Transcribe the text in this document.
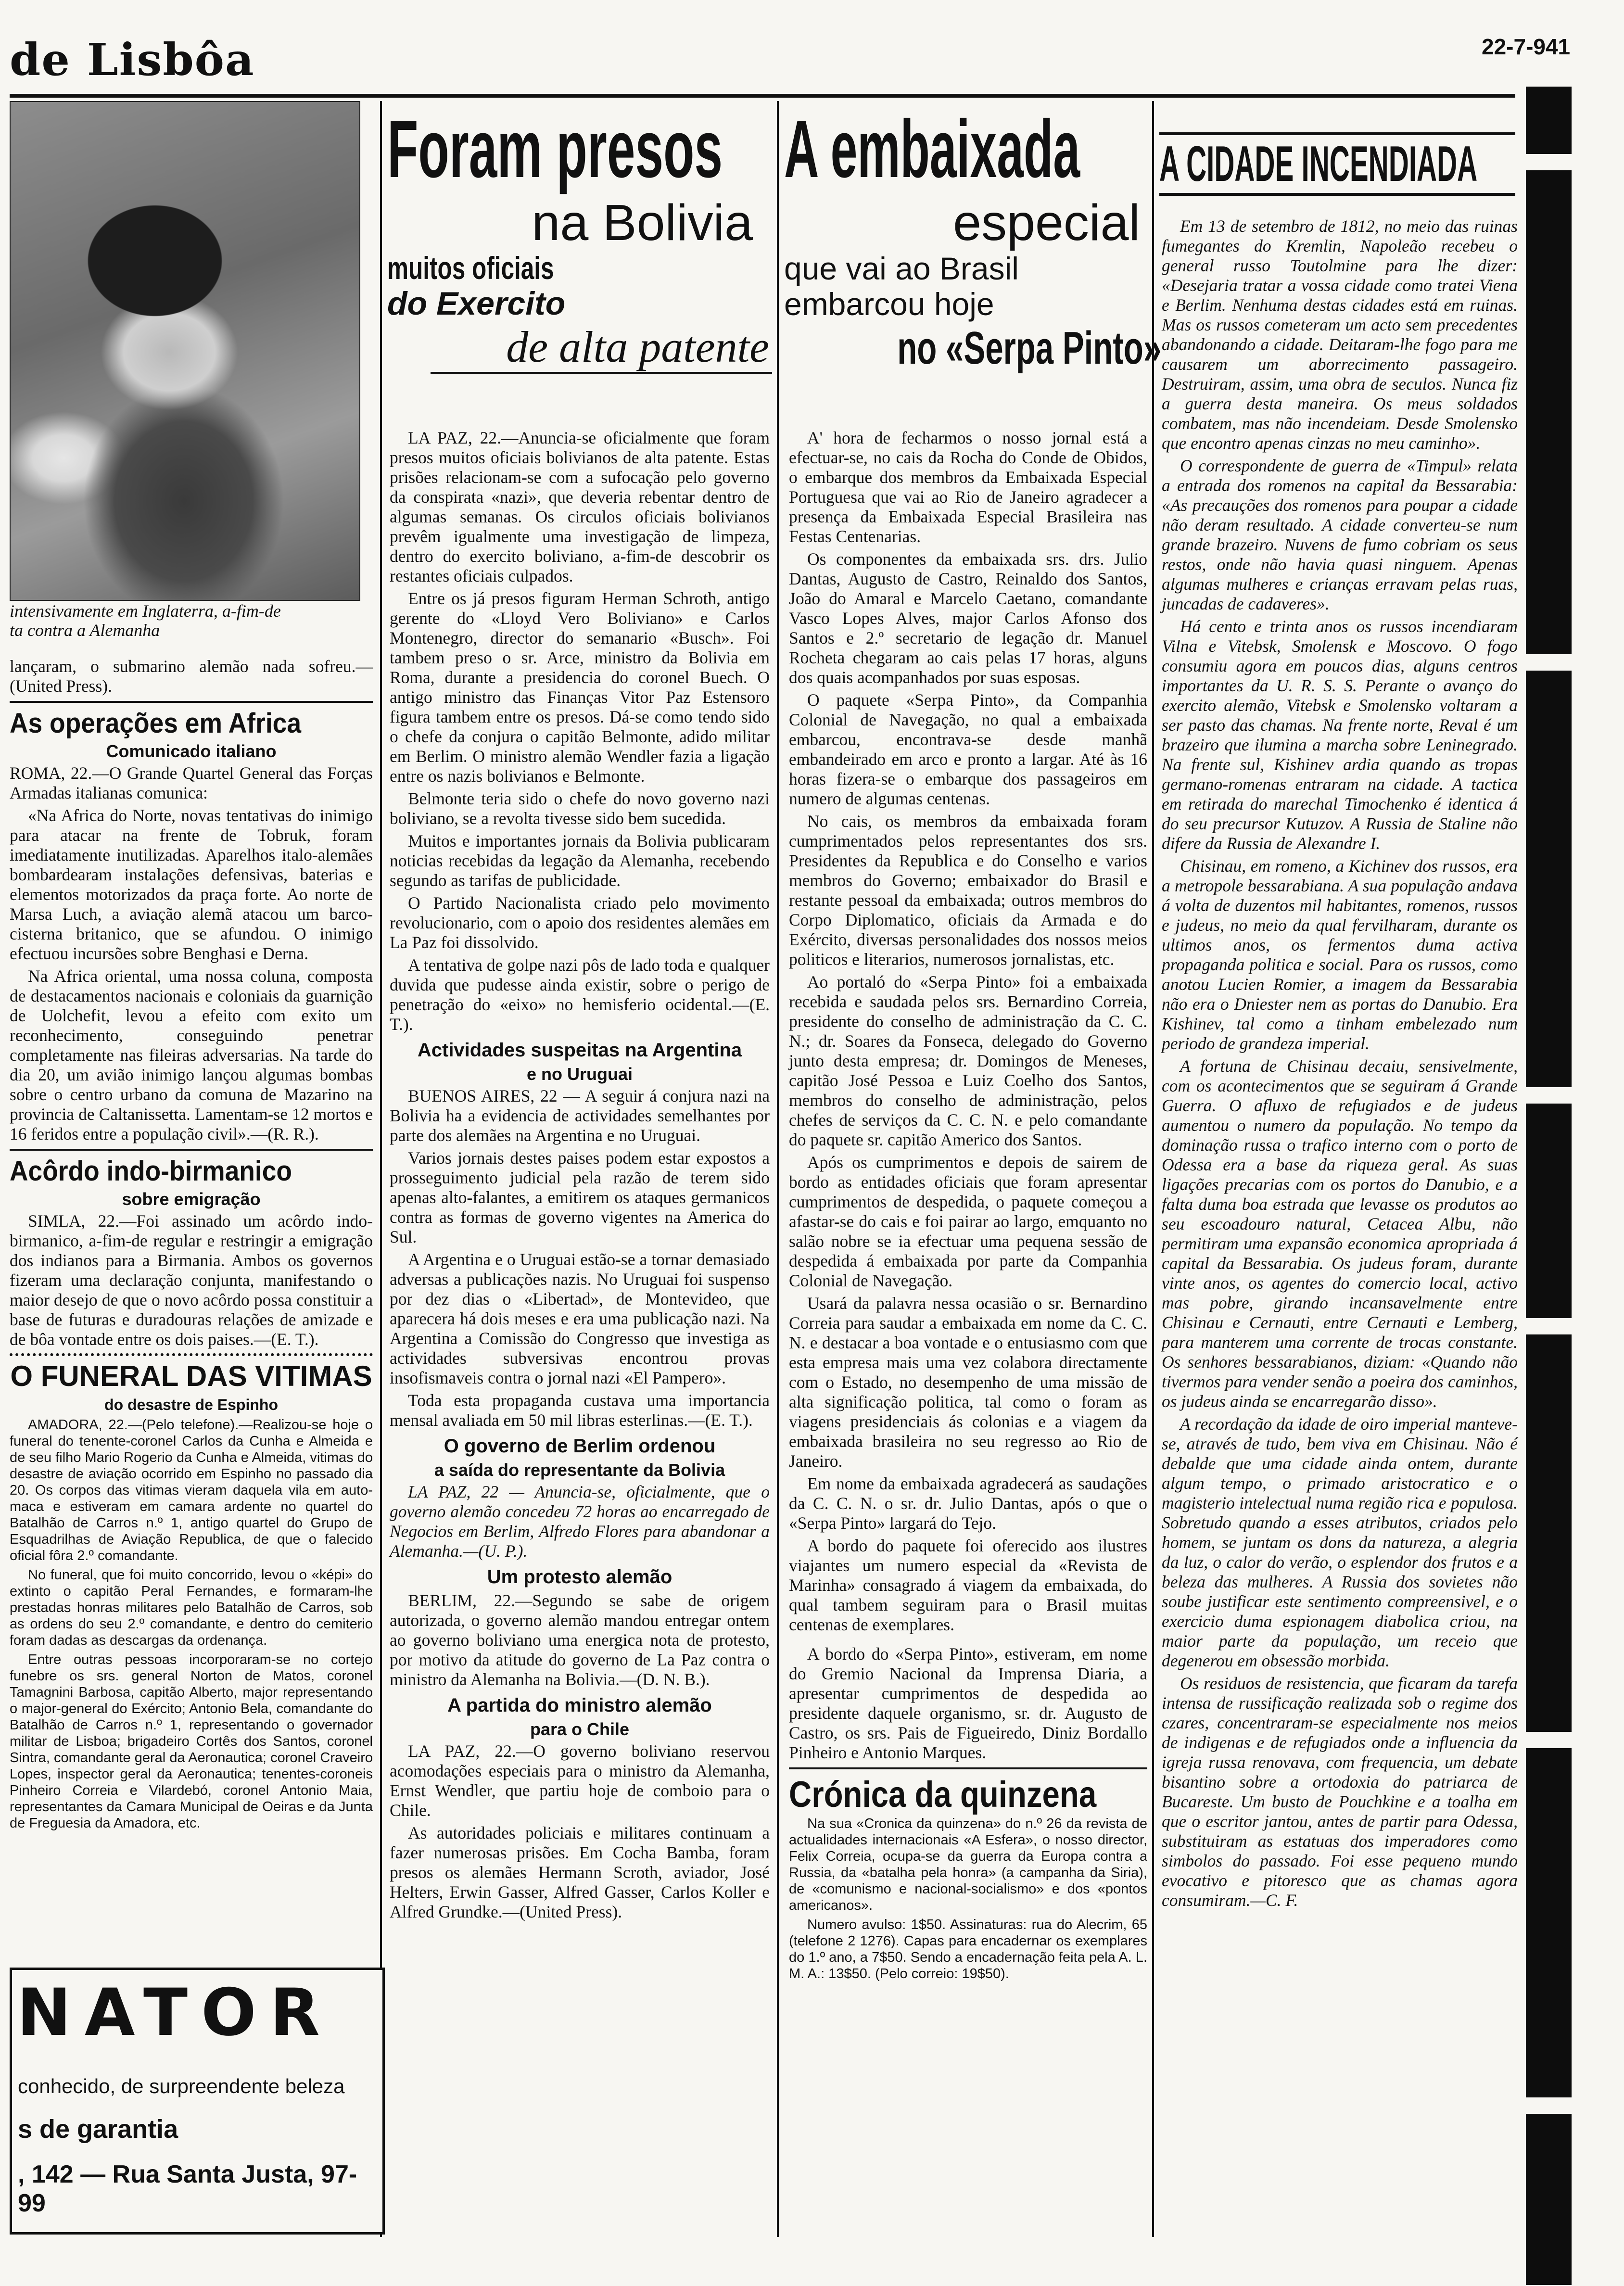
de Lisbôa	22-7-941
intensivamente em Inglaterra, a-fim-de
ta contra a Alemanha

lançaram, o submarino alemão nada sofreu.—(United Press).

As operações em Africa
Comunicado italiano

ROMA, 22.—O Grande Quartel General das Forças Armadas italianas comunica:

«Na Africa do Norte, novas tentativas do inimigo para atacar na frente de Tobruk, foram imediatamente inutilizadas. Aparelhos italo-alemães bombardearam instalações defensivas, baterias e elementos motorizados da praça forte. Ao norte de Marsa Luch, a aviação alemã atacou um barco-cisterna britanico, que se afundou. O inimigo efectuou incursões sobre Benghasi e Derna.

Na Africa oriental, uma nossa coluna, composta de destacamentos nacionais e coloniais da guarnição de Uolchefit, levou a efeito com exito um reconhecimento, conseguindo penetrar completamente nas fileiras adversarias. Na tarde do dia 20, um avião inimigo lançou algumas bombas sobre o centro urbano da comuna de Mazarino na provincia de Caltanissetta. Lamentam-se 12 mortos e 16 feridos entre a população civil».—(R. R.).

Acôrdo indo-birmanico
sobre emigração

SIMLA, 22.—Foi assinado um acôrdo indo-birmanico, a-fim-de regular e restringir a emigração dos indianos para a Birmania. Ambos os governos fizeram uma declaração conjunta, manifestando o maior desejo de que o novo acôrdo possa constituir a base de futuras e duradouras relações de amizade e de bôa vontade entre os dois paises.—(E. T.).

O FUNERAL DAS VITIMAS
do desastre de Espinho

AMADORA, 22.—(Pelo telefone).—Realizou-se hoje o funeral do tenente-coronel Carlos da Cunha e Almeida e de seu filho Mario Rogerio da Cunha e Almeida, vitimas do desastre de aviação ocorrido em Espinho no passado dia 20. Os corpos das vitimas vieram daquela vila em auto-maca e estiveram em camara ardente no quartel do Batalhão de Carros n.º 1, antigo quartel do Grupo de Esquadrilhas de Aviação Republica, de que o falecido oficial fôra 2.º comandante.

No funeral, que foi muito concorrido, levou o «képi» do extinto o capitão Peral Fernandes, e formaram-lhe prestadas honras militares pelo Batalhão de Carros, sob as ordens do seu 2.º comandante, e dentro do cemiterio foram dadas as descargas da ordenança.

Entre outras pessoas incorporaram-se no cortejo funebre os srs. general Norton de Matos, coronel Tamagnini Barbosa, capitão Alberto, major representando o major-general do Exército; Antonio Bela, comandante do Batalhão de Carros n.º 1, representando o governador militar de Lisboa; brigadeiro Cortês dos Santos, coronel Sintra, comandante geral da Aeronautica; coronel Craveiro Lopes, inspector geral da Aeronautica; tenentes-coroneis Pinheiro Correia e Vilardebó, coronel Antonio Maia, representantes da Camara Municipal de Oeiras e da Junta de Freguesia da Amadora, etc.

NATOR
conhecido, de surpreendente beleza
s de garantia
, 142 — Rua Santa Justa, 97-99
Foram presos
na Bolivia
muitos oficiais
do Exercito
de alta patente

LA PAZ, 22.—Anuncia-se oficialmente que foram presos muitos oficiais bolivianos de alta patente. Estas prisões relacionam-se com a sufocação pelo governo da conspirata «nazi», que deveria rebentar dentro de algumas semanas. Os circulos oficiais bolivianos prevêm igualmente uma investigação de limpeza, dentro do exercito boliviano, a-fim-de descobrir os restantes oficiais culpados.

Entre os já presos figuram Herman Schroth, antigo gerente do «Lloyd Vero Boliviano» e Carlos Montenegro, director do semanario «Busch». Foi tambem preso o sr. Arce, ministro da Bolivia em Roma, durante a presidencia do coronel Buech. O antigo ministro das Finanças Vitor Paz Estensoro figura tambem entre os presos. Dá-se como tendo sido o chefe da conjura o capitão Belmonte, adido militar em Berlim. O ministro alemão Wendler fazia a ligação entre os nazis bolivianos e Belmonte.

Belmonte teria sido o chefe do novo governo nazi boliviano, se a revolta tivesse sido bem sucedida.

Muitos e importantes jornais da Bolivia publicaram noticias recebidas da legação da Alemanha, recebendo segundo as tarifas de publicidade.

O Partido Nacionalista criado pelo movimento revolucionario, com o apoio dos residentes alemães em La Paz foi dissolvido.

A tentativa de golpe nazi pôs de lado toda e qualquer duvida que pudesse ainda existir, sobre o perigo de penetração do «eixo» no hemisferio ocidental.—(E. T.).

Actividades suspeitas na Argentina
e no Uruguai

BUENOS AIRES, 22 — A seguir á conjura nazi na Bolivia ha a evidencia de actividades semelhantes por parte dos alemães na Argentina e no Uruguai.

Varios jornais destes paises podem estar expostos a prosseguimento judicial pela razão de terem sido apenas alto-falantes, a emitirem os ataques germanicos contra as formas de governo vigentes na America do Sul.

A Argentina e o Uruguai estão-se a tornar demasiado adversas a publicações nazis. No Uruguai foi suspenso por dez dias o «Libertad», de Montevideo, que aparecera há dois meses e era uma publicação nazi. Na Argentina a Comissão do Congresso que investiga as actividades subversivas encontrou provas insofismaveis contra o jornal nazi «El Pampero».

Toda esta propaganda custava uma importancia mensal avaliada em 50 mil libras esterlinas.—(E. T.).

O governo de Berlim ordenou
a saída do representante da Bolivia

LA PAZ, 22 — Anuncia-se, oficialmente, que o governo alemão concedeu 72 horas ao encarregado de Negocios em Berlim, Alfredo Flores para abandonar a Alemanha.—(U. P.).

Um protesto alemão

BERLIM, 22.—Segundo se sabe de origem autorizada, o governo alemão mandou entregar ontem ao governo boliviano uma energica nota de protesto, por motivo da atitude do governo de La Paz contra o ministro da Alemanha na Bolivia.—(D. N. B.).

A partida do ministro alemão
para o Chile

LA PAZ, 22.—O governo boliviano reservou acomodações especiais para o ministro da Alemanha, Ernst Wendler, que partiu hoje de comboio para o Chile.

As autoridades policiais e militares continuam a fazer numerosas prisões. Em Cocha Bamba, foram presos os alemães Hermann Scroth, aviador, José Helters, Erwin Gasser, Alfred Gasser, Carlos Koller e Alfred Grundke.—(United Press).

A embaixada
especial
que vai ao Brasil
embarcou hoje
no «Serpa Pinto»

A' hora de fecharmos o nosso jornal está a efectuar-se, no cais da Rocha do Conde de Obidos, o embarque dos membros da Embaixada Especial Portuguesa que vai ao Rio de Janeiro agradecer a presença da Embaixada Especial Brasileira nas Festas Centenarias.

Os componentes da embaixada srs. drs. Julio Dantas, Augusto de Castro, Reinaldo dos Santos, João do Amaral e Marcelo Caetano, comandante Vasco Lopes Alves, major Carlos Afonso dos Santos e 2.º secretario de legação dr. Manuel Rocheta chegaram ao cais pelas 17 horas, alguns dos quais acompanhados por suas esposas.

O paquete «Serpa Pinto», da Companhia Colonial de Navegação, no qual a embaixada embarcou, encontrava-se desde manhã embandeirado em arco e pronto a largar. Até às 16 horas fizera-se o embarque dos passageiros em numero de algumas centenas.

No cais, os membros da embaixada foram cumprimentados pelos representantes dos srs. Presidentes da Republica e do Conselho e varios membros do Governo; embaixador do Brasil e restante pessoal da embaixada; outros membros do Corpo Diplomatico, oficiais da Armada e do Exército, diversas personalidades dos nossos meios politicos e literarios, numerosos jornalistas, etc.

Ao portaló do «Serpa Pinto» foi a embaixada recebida e saudada pelos srs. Bernardino Correia, presidente do conselho de administração da C. C. N.; dr. Soares da Fonseca, delegado do Governo junto desta empresa; dr. Domingos de Meneses, capitão José Pessoa e Luiz Coelho dos Santos, membros do conselho de administração, pelos chefes de serviços da C. C. N. e pelo comandante do paquete sr. capitão Americo dos Santos.

Após os cumprimentos e depois de sairem de bordo as entidades oficiais que foram apresentar cumprimentos de despedida, o paquete começou a afastar-se do cais e foi pairar ao largo, emquanto no salão nobre se ia efectuar uma pequena sessão de despedida á embaixada por parte da Companhia Colonial de Navegação.

Usará da palavra nessa ocasião o sr. Bernardino Correia para saudar a embaixada em nome da C. C. N. e destacar a boa vontade e o entusiasmo com que esta empresa mais uma vez colabora directamente com o Estado, no desempenho de uma missão de alta significação politica, tal como o foram as viagens presidenciais ás colonias e a viagem da embaixada brasileira no seu regresso ao Rio de Janeiro.

Em nome da embaixada agradecerá as saudações da C. C. N. o sr. dr. Julio Dantas, após o que o «Serpa Pinto» largará do Tejo.

A bordo do paquete foi oferecido aos ilustres viajantes um numero especial da «Revista de Marinha» consagrado á viagem da embaixada, do qual tambem seguiram para o Brasil muitas centenas de exemplares.

A bordo do «Serpa Pinto», estiveram, em nome do Gremio Nacional da Imprensa Diaria, a apresentar cumprimentos de despedida ao presidente daquele organismo, sr. dr. Augusto de Castro, os srs. Pais de Figueiredo, Diniz Bordallo Pinheiro e Antonio Marques.

Crónica da quinzena

Na sua «Cronica da quinzena» do n.º 26 da revista de actualidades internacionais «A Esfera», o nosso director, Felix Correia, ocupa-se da guerra da Europa contra a Russia, da «batalha pela honra» (a campanha da Siria), de «comunismo e nacional-socialismo» e dos «pontos americanos».

Numero avulso: 1$50. Assinaturas: rua do Alecrim, 65 (telefone 2 1276). Capas para encadernar os exemplares do 1.º ano, a 7$50. Sendo a encadernação feita pela A. L. M. A.: 13$50. (Pelo correio: 19$50).

A CIDADE INCENDIADA

Em 13 de setembro de 1812, no meio das ruinas fumegantes do Kremlin, Napoleão recebeu o general russo Toutolmine para lhe dizer: «Desejaria tratar a vossa cidade como tratei Viena e Berlim. Nenhuma destas cidades está em ruinas. Mas os russos cometeram um acto sem precedentes abandonando a cidade. Deitaram-lhe fogo para me causarem um aborrecimento passageiro. Destruiram, assim, uma obra de seculos. Nunca fiz a guerra desta maneira. Os meus soldados combatem, mas não incendeiam. Desde Smolensko que encontro apenas cinzas no meu caminho».

O correspondente de guerra de «Timpul» relata a entrada dos romenos na capital da Bessarabia: «As precauções dos romenos para poupar a cidade não deram resultado. A cidade converteu-se num grande brazeiro. Nuvens de fumo cobriam os seus restos, onde não havia quasi ninguem. Apenas algumas mulheres e crianças erravam pelas ruas, juncadas de cadaveres».

Há cento e trinta anos os russos incendiaram Vilna e Vitebsk, Smolensk e Moscovo. O fogo consumiu agora em poucos dias, alguns centros importantes da U. R. S. S. Perante o avanço do exercito alemão, Vitebsk e Smolensko voltaram a ser pasto das chamas. Na frente norte, Reval é um brazeiro que ilumina a marcha sobre Leninegrado. Na frente sul, Kishinev ardia quando as tropas germano-romenas entraram na cidade. A tactica em retirada do marechal Timochenko é identica á do seu precursor Kutuzov. A Russia de Staline não difere da Russia de Alexandre I.

Chisinau, em romeno, a Kichinev dos russos, era a metropole bessarabiana. A sua população andava á volta de duzentos mil habitantes, romenos, russos e judeus, no meio da qual fervilharam, durante os ultimos anos, os fermentos duma activa propaganda politica e social. Para os russos, como anotou Lucien Romier, a imagem da Bessarabia não era o Dniester nem as portas do Danubio. Era Kishinev, tal como a tinham embelezado num periodo de grandeza imperial.

A fortuna de Chisinau decaiu, sensivelmente, com os acontecimentos que se seguiram á Grande Guerra. O afluxo de refugiados e de judeus aumentou o numero da população. No tempo da dominação russa o trafico interno com o porto de Odessa era a base da riqueza geral. As suas ligações precarias com os portos do Danubio, e a falta duma boa estrada que levasse os produtos ao seu escoadouro natural, Cetacea Albu, não permitiram uma expansão economica apropriada á capital da Bessarabia. Os judeus foram, durante vinte anos, os agentes do comercio local, activo mas pobre, girando incansavelmente entre Chisinau e Cernauti, entre Cernauti e Lemberg, para manterem uma corrente de trocas constante. Os senhores bessarabianos, diziam: «Quando não tivermos para vender senão a poeira dos caminhos, os judeus ainda se encarregarão disso».

A recordação da idade de oiro imperial manteve-se, através de tudo, bem viva em Chisinau. Não é debalde que uma cidade ainda ontem, durante algum tempo, o primado aristocratico e o magisterio intelectual numa região rica e populosa. Sobretudo quando a esses atributos, criados pelo homem, se juntam os dons da natureza, a alegria da luz, o calor do verão, o esplendor dos frutos e a beleza das mulheres. A Russia dos sovietes não soube justificar este sentimento compreensivel, e o exercicio duma espionagem diabolica criou, na maior parte da população, um receio que degenerou em obsessão morbida.

Os residuos de resistencia, que ficaram da tarefa intensa de russificação realizada sob o regime dos czares, concentraram-se especialmente nos meios de indigenas e de refugiados onde a influencia da igreja russa renovava, com frequencia, um debate bisantino sobre a ortodoxia do patriarca de Bucareste. Um busto de Pouchkine e a toalha em que o escritor jantou, antes de partir para Odessa, substituiram as estatuas dos imperadores como simbolos do passado. Foi esse pequeno mundo evocativo e pitoresco que as chamas agora consumiram.—C. F.
